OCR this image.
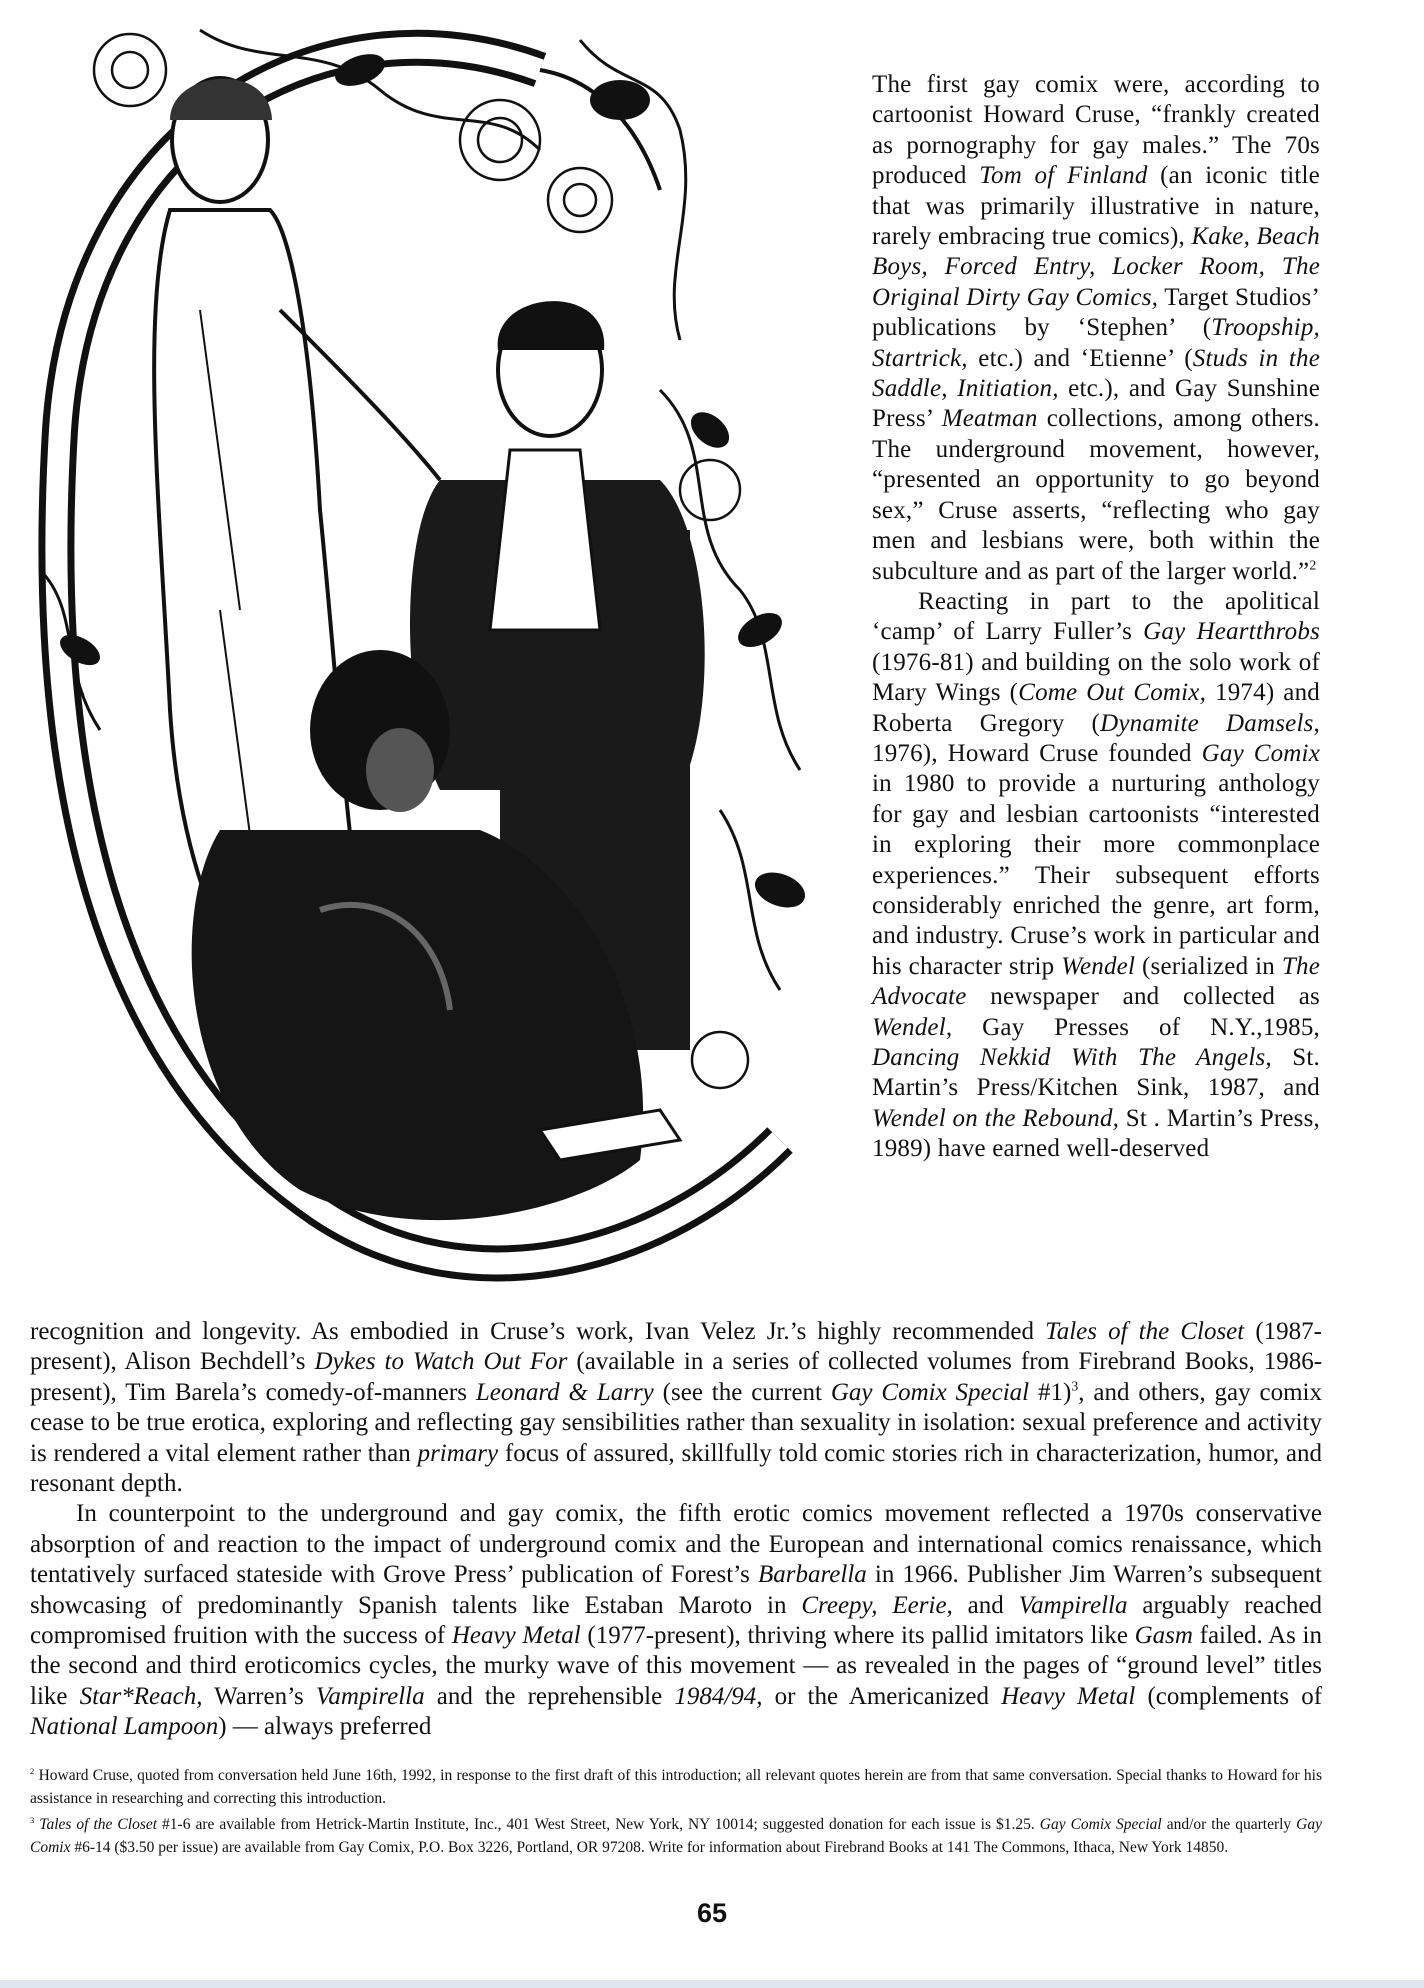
The first gay comix were, according to cartoonist Howard Cruse, “frankly created as pornography for gay males.” The 70s produced Tom of Finland (an iconic title that was primarily illustrative in nature, rarely embracing true comics), Kake, Beach Boys, Forced Entry, Locker Room, The Original Dirty Gay Comics, Target Studios’ publications by ‘Stephen’ (Troopship, Startrick, etc.) and ‘Etienne’ (Studs in the Saddle, Initiation, etc.), and Gay Sunshine Press’ Meatman collections, among others. The underground movement, however, “presented an opportunity to go beyond sex,” Cruse asserts, “reflecting who gay men and lesbians were, both within the subculture and as part of the larger world.”$^2$

Reacting in part to the apolitical ‘camp’ of Larry Fuller’s Gay Heartthrobs (1976-81) and building on the solo work of Mary Wings (Come Out Comix, 1974) and Roberta Gregory (Dynamite Damsels, 1976), Howard Cruse founded Gay Comix in 1980 to provide a nurturing anthology for gay and lesbian cartoonists “interested in exploring their more commonplace experiences.” Their subsequent efforts considerably enriched the genre, art form, and industry. Cruse’s work in particular and his character strip Wendel (serialized in The Advocate newspaper and collected as Wendel, Gay Presses of N.Y.,1985, Dancing Nekkid With The Angels, St. Martin’s Press/Kitchen Sink, 1987, and Wendel on the Rebound, St . Martin’s Press, 1989) have earned well-deserved

recognition and longevity. As embodied in Cruse’s work, Ivan Velez Jr.’s highly recommended Tales of the Closet (1987-present), Alison Bechdell’s Dykes to Watch Out For (available in a series of collected volumes from Firebrand Books, 1986-present), Tim Barela’s comedy-of-manners Leonard & Larry (see the current Gay Comix Special #1)$^3$, and others, gay comix cease to be true erotica, exploring and reflecting gay sensibilities rather than sexuality in isolation: sexual preference and activity is rendered a vital element rather than primary focus of assured, skillfully told comic stories rich in characterization, humor, and resonant depth.

In counterpoint to the underground and gay comix, the fifth erotic comics movement reflected a 1970s conservative absorption of and reaction to the impact of underground comix and the European and international comics renaissance, which tentatively surfaced stateside with Grove Press’ publication of Forest’s Barbarella in 1966. Publisher Jim Warren’s subsequent showcasing of predominantly Spanish talents like Estaban Maroto in Creepy, Eerie, and Vampirella arguably reached compromised fruition with the success of Heavy Metal (1977-present), thriving where its pallid imitators like Gasm failed. As in the second and third eroticomics cycles, the murky wave of this movement — as revealed in the pages of “ground level” titles like Star*Reach, Warren’s Vampirella and the reprehensible 1984/94, or the Americanized Heavy Metal (complements of National Lampoon) — always preferred

$^2$ Howard Cruse, quoted from conversation held June 16th, 1992, in response to the first draft of this introduction; all relevant quotes herein are from that same conversation. Special thanks to Howard for his assistance in researching and correcting this introduction.

$^3$ Tales of the Closet #1-6 are available from Hetrick-Martin Institute, Inc., 401 West Street, New York, NY 10014; suggested donation for each issue is $1.25. Gay Comix Special and/or the quarterly Gay Comix #6-14 ($3.50 per issue) are available from Gay Comix, P.O. Box 3226, Portland, OR 97208. Write for information about Firebrand Books at 141 The Commons, Ithaca, New York 14850.

65
